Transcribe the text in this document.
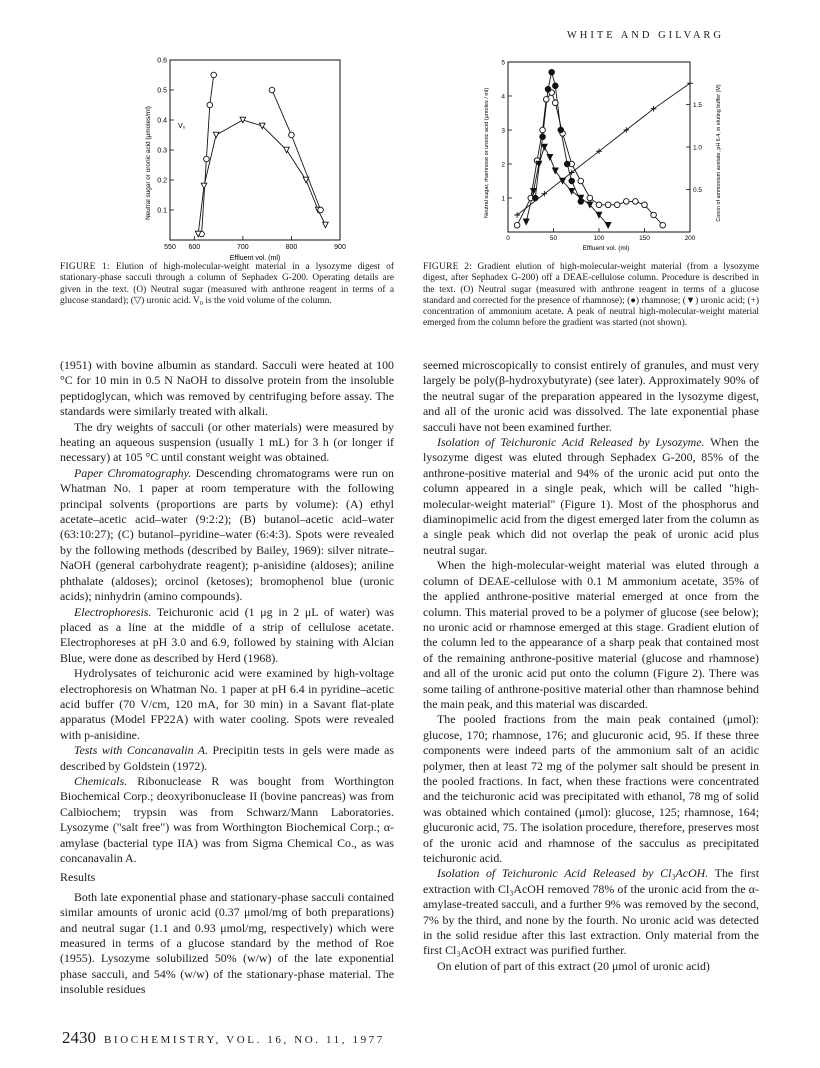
WHITE AND GILVARG
550 600	700	800	900
0.1
0.2
0.3
0.4
0.5
0.6
Effluent vol. (ml)
Neutral sugar or uronic acid (μmoles/ml)	V₀
FIGURE 1: Elution of high-molecular-weight material in a lysozyme digest of stationary-phase sacculi through a column of Sephadex G-200. Operating details are given in the text. (O) Neutral sugar (measured with anthrone reagent in terms of a glucose standard); (▽) uronic acid. V₀ is the void volume of the column.
0	50	100	150	200
1
2
3
4
5
0.5
1.0
1.5
Effluent vol. (ml)
Neutral sugar, rhamnose or uronic acid (μmoles / ml)	Concn of ammonium acetate, pH 6.4, in eluting buffer (M)
FIGURE 2: Gradient elution of high-molecular-weight material (from a lysozyme digest, after Sephadex G-200) off a DEAE-cellulose column. Procedure is described in the text. (O) Neutral sugar (measured with anthrone reagent in terms of a glucose standard and corrected for the presence of rhamnose); (●) rhamnose; (▼) uronic acid; (+) concentration of ammonium acetate. A peak of neutral high-molecular-weight material emerged from the column before the gradient was started (not shown).

(1951) with bovine albumin as standard. Sacculi were heated at 100 °C for 10 min in 0.5 N NaOH to dissolve protein from the insoluble peptidoglycan, which was removed by centrifuging before assay. The standards were similarly treated with alkali.

The dry weights of sacculi (or other materials) were measured by heating an aqueous suspension (usually 1 mL) for 3 h (or longer if necessary) at 105 °C until constant weight was obtained.

Paper Chromatography. Descending chromatograms were run on Whatman No. 1 paper at room temperature with the following principal solvents (proportions are parts by volume): (A) ethyl acetate–acetic acid–water (9:2:2); (B) butanol–acetic acid–water (63:10:27); (C) butanol–pyridine–water (6:4:3). Spots were revealed by the following methods (described by Bailey, 1969): silver nitrate–NaOH (general carbohydrate reagent); p-anisidine (aldoses); aniline phthalate (aldoses); orcinol (ketoses); bromophenol blue (uronic acids); ninhydrin (amino compounds).

Electrophoresis. Teichuronic acid (1 μg in 2 μL of water) was placed as a line at the middle of a strip of cellulose acetate. Electrophoreses at pH 3.0 and 6.9, followed by staining with Alcian Blue, were done as described by Herd (1968).

Hydrolysates of teichuronic acid were examined by high-voltage electrophoresis on Whatman No. 1 paper at pH 6.4 in pyridine–acetic acid buffer (70 V/cm, 120 mA, for 30 min) in a Savant flat-plate apparatus (Model FP22A) with water cooling. Spots were revealed with p-anisidine.

Tests with Concanavalin A. Precipitin tests in gels were made as described by Goldstein (1972).

Chemicals. Ribonuclease R was bought from Worthington Biochemical Corp.; deoxyribonuclease II (bovine pancreas) was from Calbiochem; trypsin was from Schwarz/Mann Laboratories. Lysozyme ("salt free") was from Worthington Biochemical Corp.; α-amylase (bacterial type IIA) was from Sigma Chemical Co., as was concanavalin A.

Results

Both late exponential phase and stationary-phase sacculi contained similar amounts of uronic acid (0.37 μmol/mg of both preparations) and neutral sugar (1.1 and 0.93 μmol/mg, respectively) which were measured in terms of a glucose standard by the method of Roe (1955). Lysozyme solubilized 50% (w/w) of the late exponential phase sacculi, and 54% (w/w) of the stationary-phase material. The insoluble residues

seemed microscopically to consist entirely of granules, and must very largely be poly(β-hydroxybutyrate) (see later). Approximately 90% of the neutral sugar of the preparation appeared in the lysozyme digest, and all of the uronic acid was dissolved. The late exponential phase sacculi have not been examined further.

Isolation of Teichuronic Acid Released by Lysozyme. When the lysozyme digest was eluted through Sephadex G-200, 85% of the anthrone-positive material and 94% of the uronic acid put onto the column appeared in a single peak, which will be called "high-molecular-weight material" (Figure 1). Most of the phosphorus and diaminopimelic acid from the digest emerged later from the column as a single peak which did not overlap the peak of uronic acid plus neutral sugar.

When the high-molecular-weight material was eluted through a column of DEAE-cellulose with 0.1 M ammonium acetate, 35% of the applied anthrone-positive material emerged at once from the column. This material proved to be a polymer of glucose (see below); no uronic acid or rhamnose emerged at this stage. Gradient elution of the column led to the appearance of a sharp peak that contained most of the remaining anthrone-positive material (glucose and rhamnose) and all of the uronic acid put onto the column (Figure 2). There was some tailing of anthrone-positive material other than rhamnose behind the main peak, and this material was discarded.

The pooled fractions from the main peak contained (μmol): glucose, 170; rhamnose, 176; and glucuronic acid, 95. If these three components were indeed parts of the ammonium salt of an acidic polymer, then at least 72 mg of the polymer salt should be present in the pooled fractions. In fact, when these fractions were concentrated and the teichuronic acid was precipitated with ethanol, 78 mg of solid was obtained which contained (μmol): glucose, 125; rhamnose, 164; glucuronic acid, 75. The isolation procedure, therefore, preserves most of the uronic acid and rhamnose of the sacculus as precipitated teichuronic acid.

Isolation of Teichuronic Acid Released by Cl₃AcOH. The first extraction with Cl₃AcOH removed 78% of the uronic acid from the α-amylase-treated sacculi, and a further 9% was removed by the second, 7% by the third, and none by the fourth. No uronic acid was detected in the solid residue after this last extraction. Only material from the first Cl₃AcOH extract was purified further.

On elution of part of this extract (20 μmol of uronic acid)

2430 BIOCHEMISTRY, VOL. 16, NO. 11, 1977
